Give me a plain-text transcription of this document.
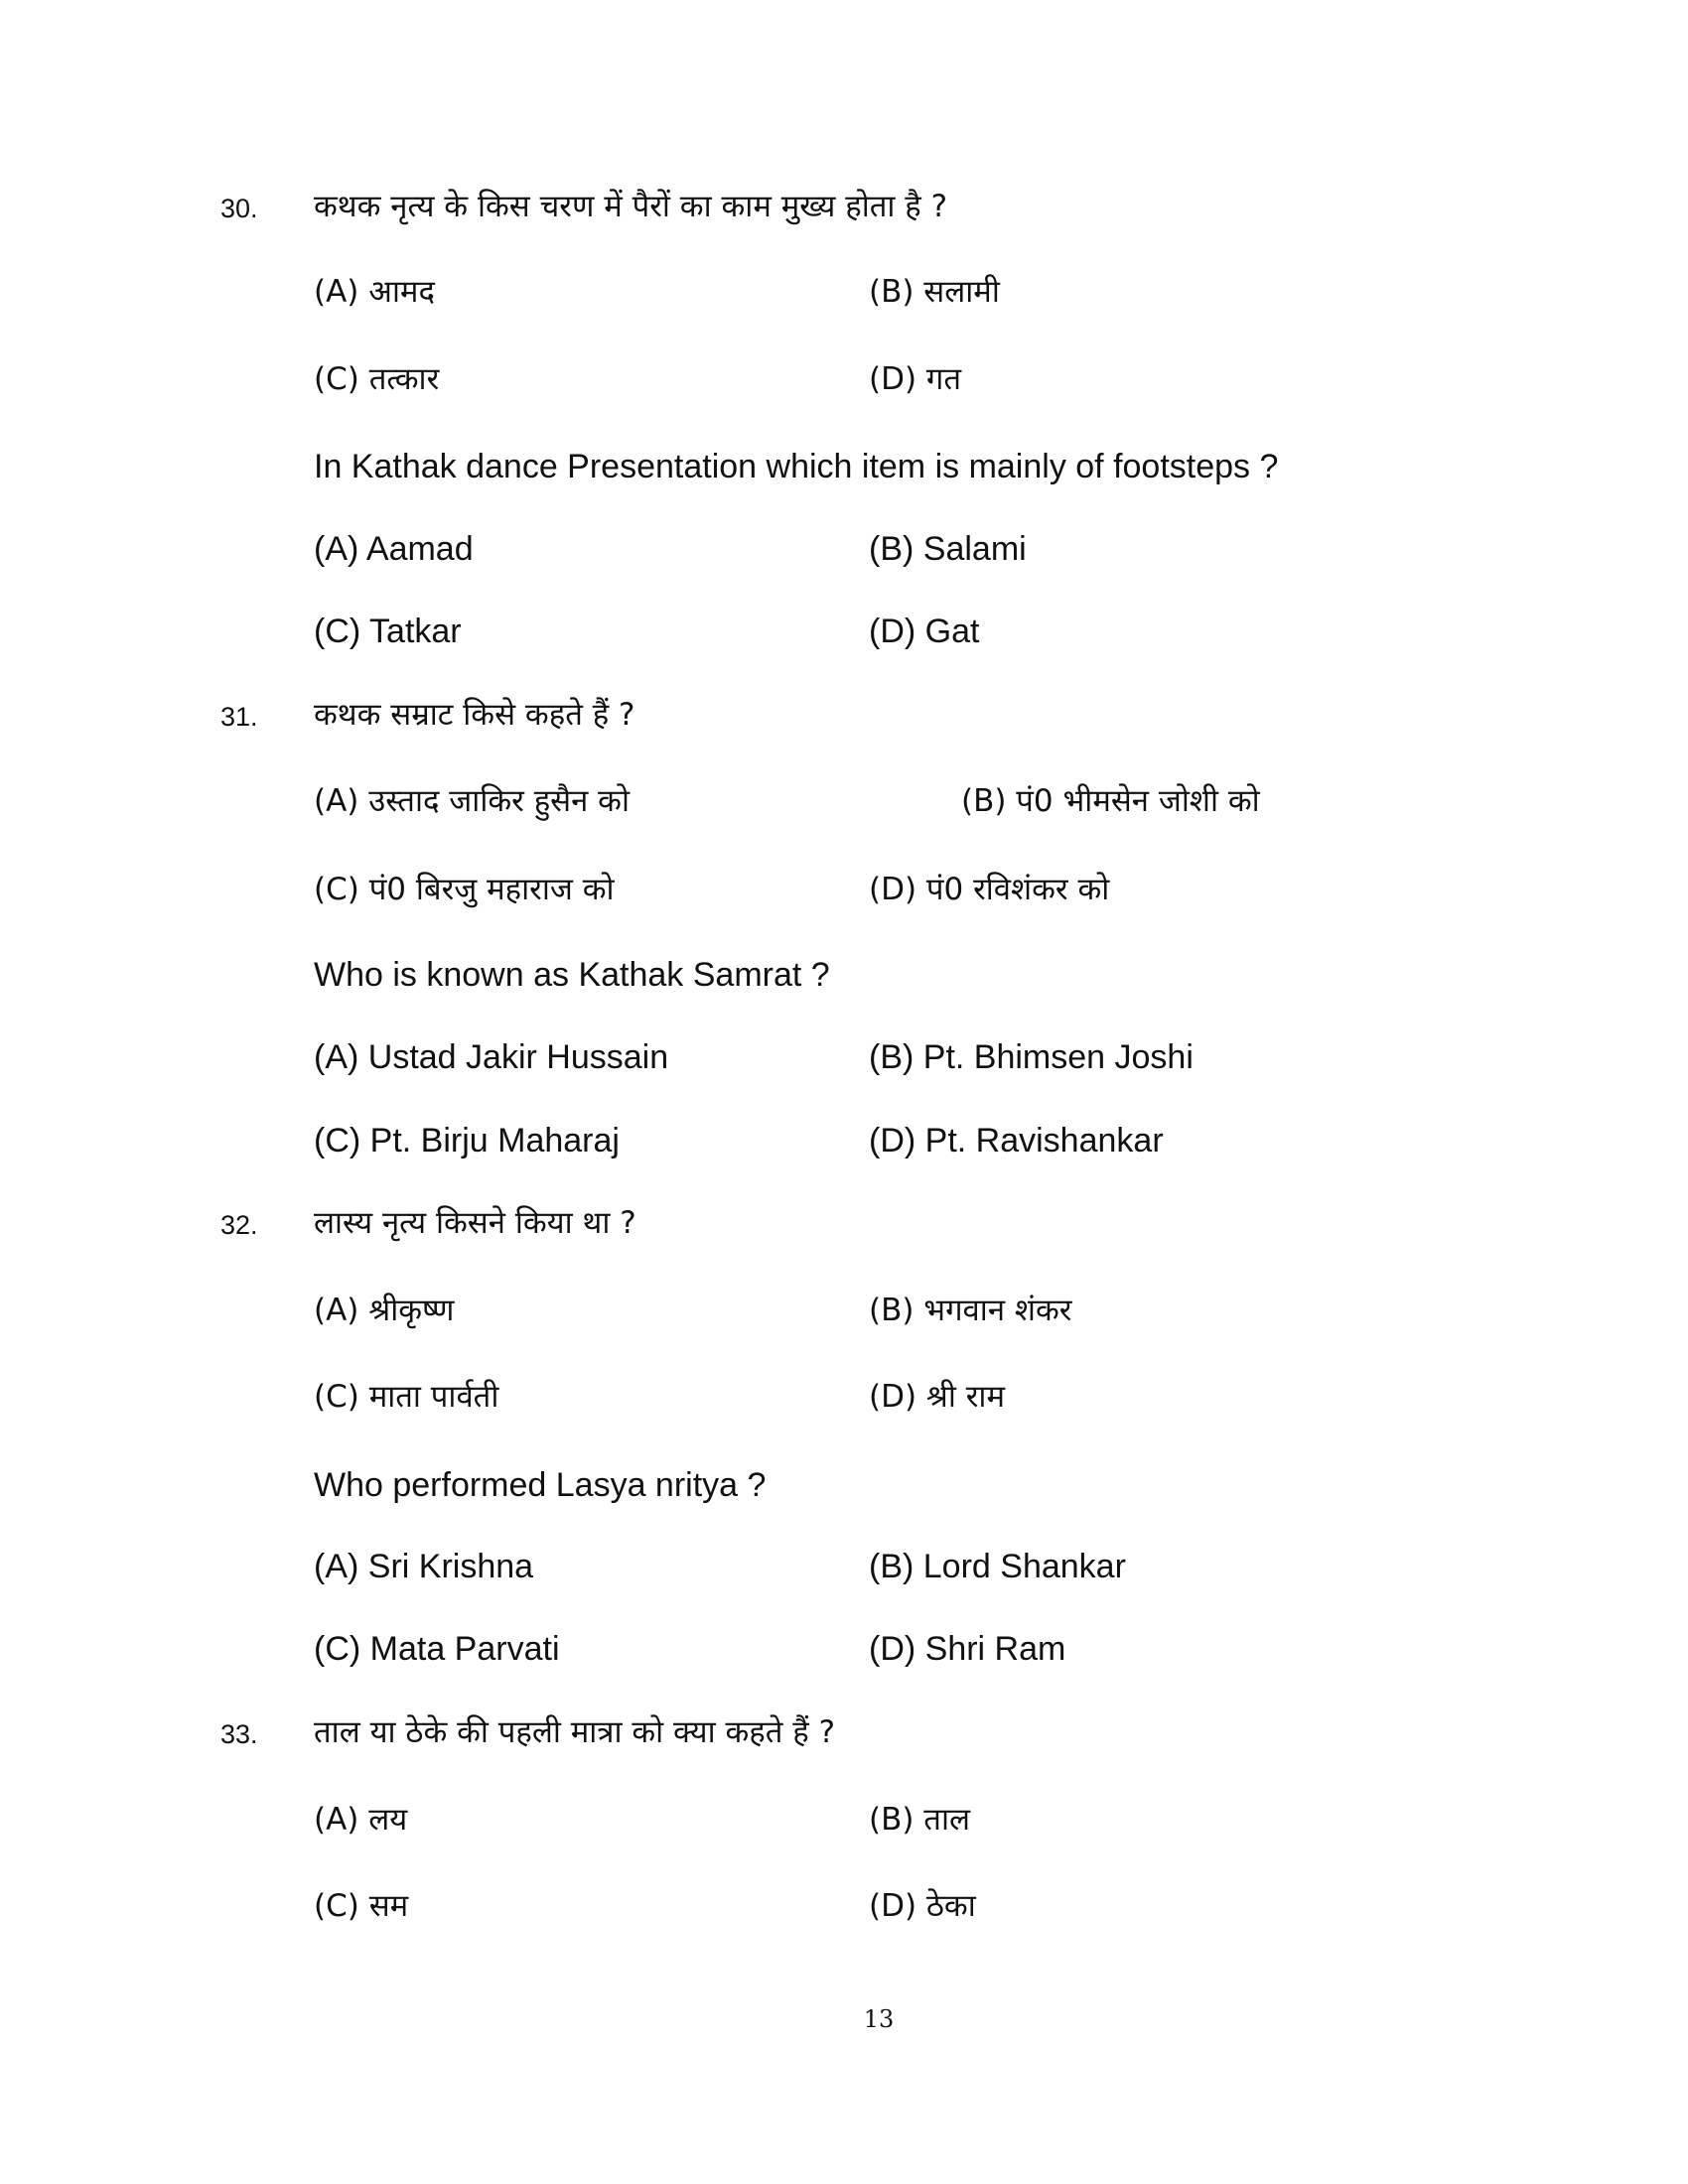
30. कथक नृत्य के किस चरण में पैरों का काम मुख्य होता है ?
(A) आमद	(B) सलामी
(C) तत्कार	(D) गत
In Kathak dance Presentation which item is mainly of footsteps ?
(A) Aamad	(B) Salami
(C) Tatkar	(D) Gat
31. कथक सम्राट किसे कहते हैं ?
(A) उस्ताद जाकिर हुसैन को	(B) पं0 भीमसेन जोशी को
(C) पं0 बिरजु महाराज को	(D) पं0 रविशंकर को
Who is known as Kathak Samrat ?
(A) Ustad Jakir Hussain	(B) Pt. Bhimsen Joshi
(C) Pt. Birju Maharaj	(D) Pt. Ravishankar
32. लास्य नृत्य किसने किया था ?
(A) श्रीकृष्ण	(B) भगवान शंकर
(C) माता पार्वती	(D) श्री राम
Who performed Lasya nritya ?
(A) Sri Krishna	(B) Lord Shankar
(C) Mata Parvati	(D) Shri Ram
33. ताल या ठेके की पहली मात्रा को क्या कहते हैं ?
(A) लय	(B) ताल
(C) सम	(D) ठेका
13
